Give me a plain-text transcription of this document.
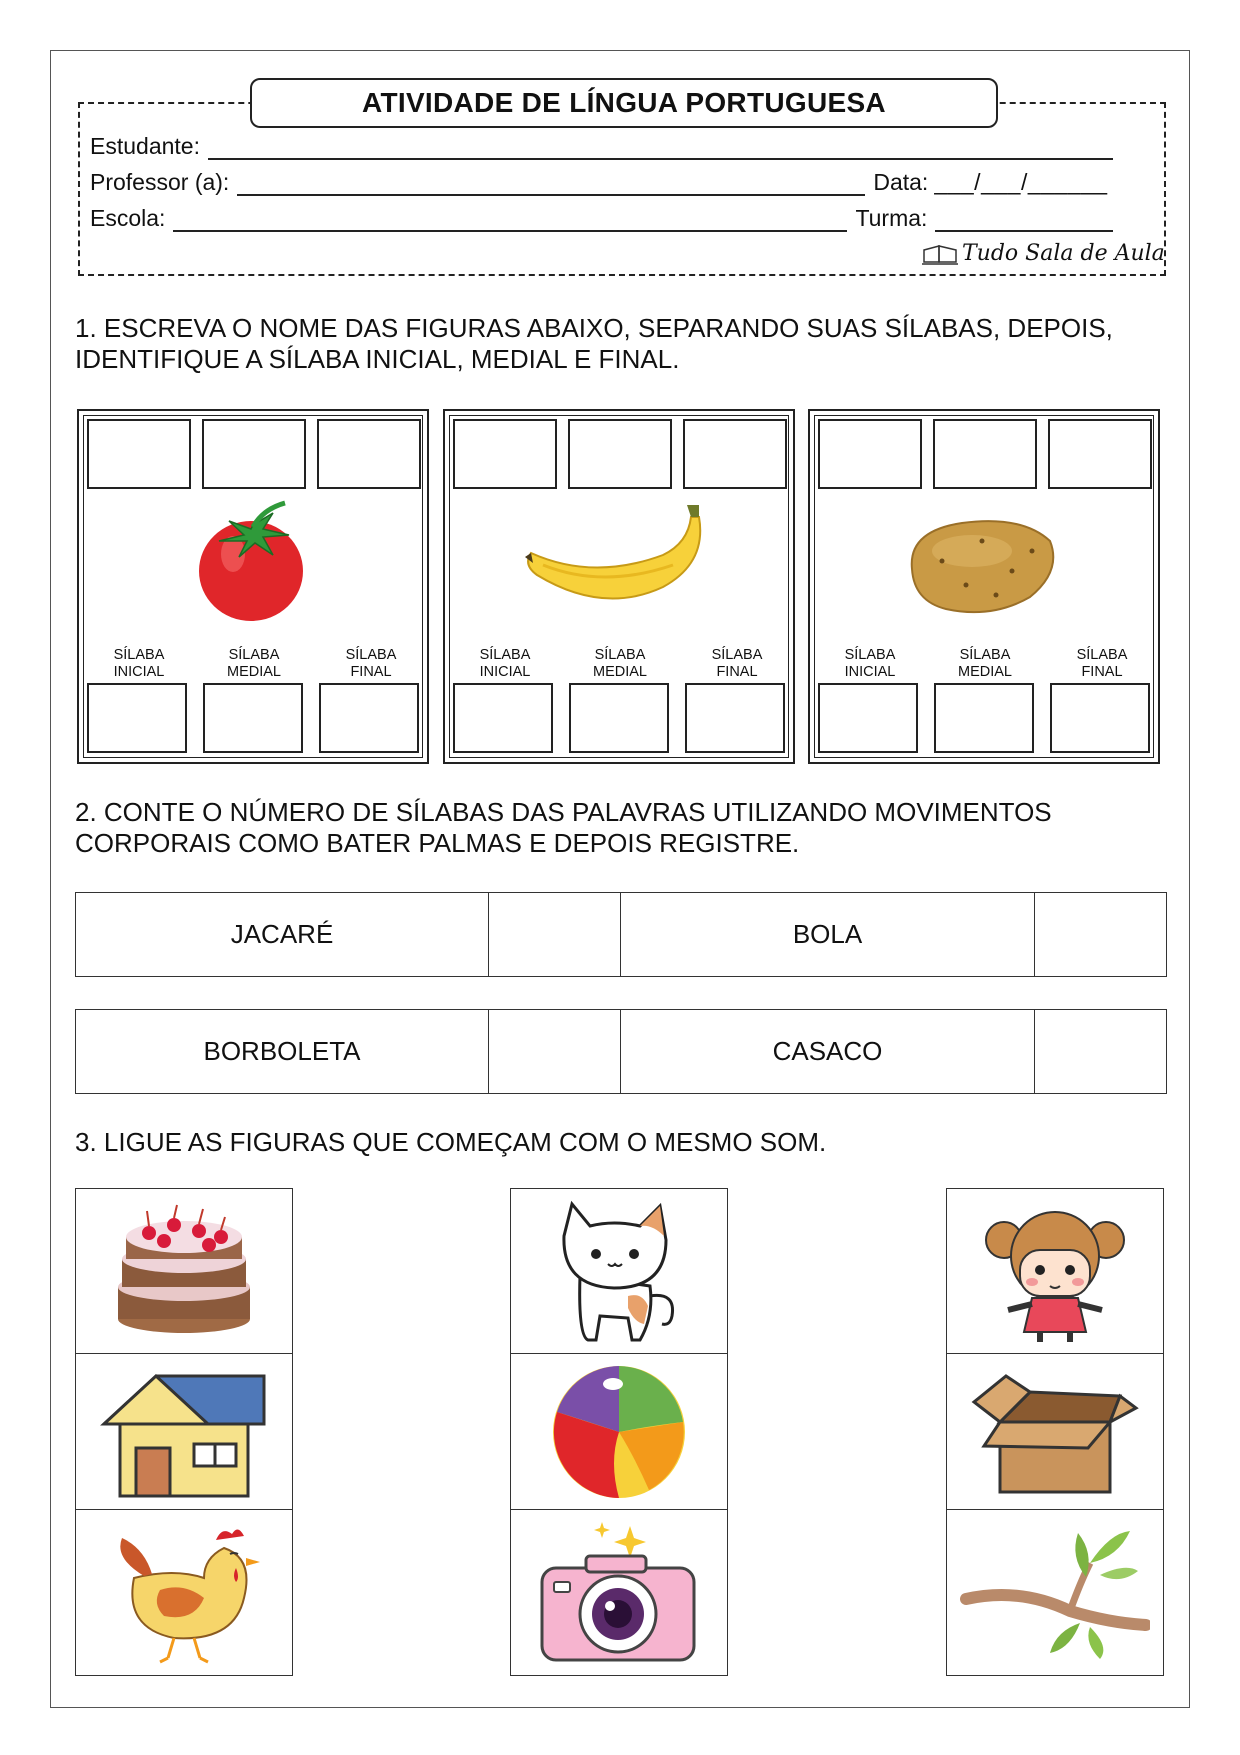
ATIVIDADE DE LÍNGUA PORTUGUESA
Estudante:
Professor (a):	Data: ___/___/______
Escola:	Turma:
Tudo Sala de Aula
1. ESCREVA O NOME DAS FIGURAS ABAIXO, SEPARANDO SUAS SÍLABAS, DEPOIS, IDENTIFIQUE A SÍLABA INICIAL, MEDIAL E FINAL.
SÍLABA
INICIAL
SÍLABA
MEDIAL
SÍLABA
FINAL
SÍLABA
INICIAL
SÍLABA
MEDIAL
SÍLABA
FINAL
SÍLABA
INICIAL
SÍLABA
MEDIAL
SÍLABA
FINAL
2. CONTE O NÚMERO DE SÍLABAS DAS PALAVRAS UTILIZANDO MOVIMENTOS CORPORAIS COMO BATER PALMAS E DEPOIS REGISTRE.
JACARÉ	BOLA
BORBOLETA	CASACO
3. LIGUE AS FIGURAS QUE COMEÇAM COM O MESMO SOM.
